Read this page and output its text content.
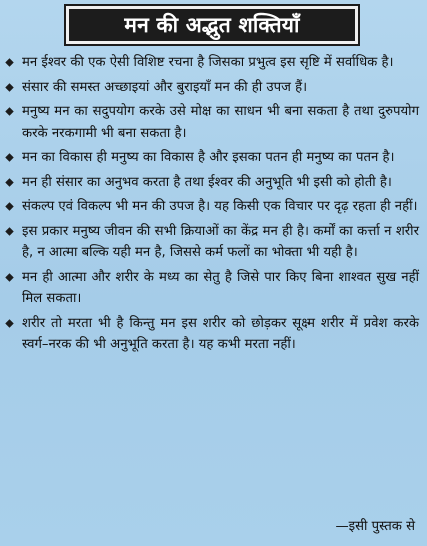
मन की अद्भुत शक्तियाँ
मन ईश्वर की एक ऐसी विशिष्ट रचना है जिसका प्रभुत्व इस सृष्टि में सर्वाधिक है।
संसार की समस्त अच्छाइयां और बुराइयाँ मन की ही उपज हैं।
मनुष्य मन का सदुपयोग करके उसे मोक्ष का साधन भी बना सकता है तथा दुरुपयोग करके नरकगामी भी बना सकता है।
मन का विकास ही मनुष्य का विकास है और इसका पतन ही मनुष्य का पतन है।
मन ही संसार का अनुभव करता है तथा ईश्वर की अनुभूति भी इसी को होती है।
संकल्प एवं विकल्प भी मन की उपज है। यह किसी एक विचार पर दृढ़ रहता ही नहीं।
इस प्रकार मनुष्य जीवन की सभी क्रियाओं का केंद्र मन ही है। कर्मों का कर्त्ता न शरीर है, न आत्मा बल्कि यही मन है, जिससे कर्म फलों का भोक्ता भी यही है।
मन ही आत्मा और शरीर के मध्य का सेतु है जिसे पार किए बिना शाश्वत सुख नहीं मिल सकता।
शरीर तो मरता भी है किन्तु मन इस शरीर को छोड़कर सूक्ष्म शरीर में प्रवेश करके स्वर्ग–नरक की भी अनुभूति करता है। यह कभी मरता नहीं।
—इसी पुस्तक से
